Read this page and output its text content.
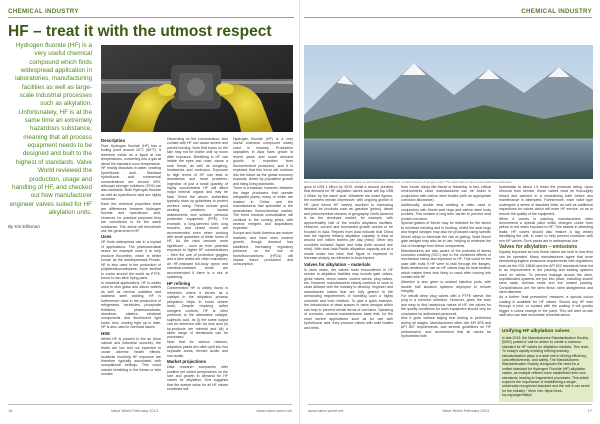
CHEMICAL INDUSTRY
HF – treat it with the utmost respect
Hydrogen fluoride (HF) is a very useful chemical compound which finds widespread application in laboratories, manufacturing facilities as well as large-scale industrial processes such as alkylation. Unfortunately, HF is at the same time an extremely hazardous substance, meaning that all process equipment needs to be designed and built to the highest of standards. Valve World reviewed the production, usage and handling of HF, and checked out how manufacturer engineer valves suited for HF alkylation units.
By Kiri Ellisman
Description

Pure Hydrogen fluoride (HF) has a boiling point around 20°C (68°F). It therefore exists as a liquid at low temperatures, converting into a gas at about the standard room temperature. HF readily dissolves in water, creating hydrofluoric acid. Standard hydrofluoric acid commercial concentrations are around 49%, although stronger solutions (70%) are also available. Both Hydrogen fluoride as well as hydrofluoric acid are highly corrosive.

Each the chemical properties there are differences between hydrogen fluoride and hydrofluoric acid. However, for practical purposes they are considered to be the same substance. This article will henceforth use the general term HF.

Uses

HF finds widespread use in a myriad of applications. The pharmaceutical sector for example uses it to help produce fluoxetine, which is better known as the antidepressant Prozac. HF is also used in the production of polytetrafluoroethylene, more familiar to cooks around the world as PTFE, found in non-stick frying pans.

In industrial applications, HF is widely used to etch glass and silicon wafers as well as remove oxidation and stainless steel pickling. HF is furthermore used in the production of refrigerants, herbicides, phosphate fertilizers, pharmaceuticals, aluminum, plastics, electrical components and fluorescent light bulbs. And, coming right up to date, HF is also used in chemical lasers.

HSE

Whilst HF is present in the air (from natural and industrial sources), the levels are low and not expected to cause adverse health effects. Incidents involving HF exposure are therefore typically associated with occupational settings. This could include breathing in the fumes or skin contact.

Depending on the concentration, skin contact with HF can cause severe and painful burning. Note that burns on the skin may not be visible until up hours after exposure. Breathing in HF can irritate the eyes and nose, cause a sore throat, as well as coughing, headaches and confusion. Exposure to high levels of HF can lead to drowsiness and heart problems. Ingestion of just a small quantity of highly concentrated HF will affect major internal organs and may be fatal. Given the above, authorities typically draw up guidelines to protect workers using. These include good working practices, hazard assessments and suitable personal protective equipment (PPE). For example, a long-sleeved shirt, long trousers, and closed shoes are recommended even when working with small quantities of dilute forms of HF. As the risks become more significant – such as from potential exposure to higher HF concentrations – then the use of protective goggles and a face shield are often mandatory. An HF-resistant full-body apron and chemical-resistant boots are recommended if there is a risk of splashing.

HF refining

Concentrated HF is widely found in refineries, where it serves as a catalyst in the alkylation process (alkylation helps to boost octane level). Despite requiring rather stringent controls, HF is often preferred to the alternative catalyst, sulphuric acid, as (i) the same output can be achieved with far less acid (ii) by-products are minimal and (iii) a wider range of feedstocks can be processed.

Note that for various reasons, alkylation plants are often split into two separate areas, termed acidic and non-acidic.

Market projections

Data research companies offer positive yet varied perspectives on the size and growth in demand for HF valves for alkylation. One suggests that the market value for all HF valves combined will

Hydrogen fluoride (HF) is a very useful chemical compound widely used in industry. Production capacities in Asia have grown in recent years and some demand growth is expected from fluorochemical producers, and it is expected that this trend will continue into the future as the global economy expands, driven by population growth and rising living standards.

There is a balance, however, between the large producers that operate integrated plants, many of which are located in China, and the manufacturers that specialise in the downstream fluorochemical market. The trend towards consolidation will continue in the coming years, with several mergers and acquisitions expected.

Europe and North America are mature markets, and have seen modest growth, though demand has stabilised. Increasing regulatory pressure on the use of hydrofluorocarbons (HFCs) will impact future production and consumption.

16	Valve World February 2013	www.valve-world.net
CHEMICAL INDUSTRY
Did you know: the refineries are estimated to emit between 1 million to 2 million tonnes of all gas used. This table falls to the ground within one kilometre.

grow to US$ 4 billion by 2019, whilst a second predicts that demand for HF alkylation valves alone will top US$ 3 billion by the same year. Whatever the exact figures, the numbers remain impressive, with ongoing growth in HF (and hence HF valves) ascribed to increasing demand for products such as gasoline (petrol), diesel and petrochemical streams of geography. North America is far the dominant market, for example, with approximately half of the world's alkylation facilities. However, current and forecasted growth seems to be focused in Asia. Reports from Asia indicate that China had the highest refinery alkylation capacity in Asia at around one million barrels per day (mbd). Other key countries included Japan and India (both around one mbd). With total Asia-Pacific alkylation capacity put at a shade under two mbd, that figure is expected to increase sharply as refineries in Asia expand.

Valves for alkylation – materials

In facts make, the valves most encountered in HF service in alkylation facilities may include gate valves, globe valves, check valves, control valves, plug valves, etc. However, manufacturers clearly continue to work in close alliance with the industry to develop, engineer and manufacture valves that are fully geared to the demanding requirements of handling such a highly corrosive and toxic medium. To give a quick example, the introduction of dead spaces in valve designs which can help to prevent certain forms of corrosion. Speaking of corrosion, several manufacturers state that, for the most severe applications such as for use with hydrofluoric acid, they produce valves with solid bodies and trims.

from 'exotic' alloys like Monel or Hastelloy. In fact, critical environments valve manufacturers can be found in conjunction with carbon steel bodies (with an appropriate corrosion allowance).

Additionally, double seal welding is often used in conjunction with Monel seal rings and carbon steel body pockets. This creates a long term barrier to prevent seat pocket corrosion.

Special grades of Monel may be selected for the stems to minimize bending and in binding, whilst the seat rings and forged wedges may also be produced using specific Monel alloys to eliminate the risk of galling. Solid Monel gate wedges may also be in use, helping to minimize the risk of breakage from these components.

Manufacturers are also aware of the potential of stress corrosion cracking (SCC) due to the combined effects of mechanical stress and exposure to HF. This could be the case with bolts if HF were to leak through the flanges. Bolts destined for use on HF valves may be heat treated, which makes them less likely to crack after coming into contact with HF.

Attention is also given to sealant injection ports, with double ball isolation systems deployed to ensure integrity.

For retrofit deep plug valves with a PTFE sleeve, the plug is a common selection. However, given the toxic and easy to find hazardous nature of HF, the valves for the quality conditions for such equipment should only be conducted by authorised personnel.

And it goes without saying that testing is performed during all stages. Manufacturers often cite API 6FA and API 607 requirements, and several guidelines on HF performance, and recommend that all valves be hydrotested with

hydrostatic to about 1.5 times the pressure rating. Upon removal from service, these valves must be thoroughly rinsed and washed in a neutralising bath before any maintenance is attempted. Furthermore, each valve type undergoes a series of standard tests, as well as additional inspections for valves which will enter HF service, so as to ensure the quality of the equipment.

When it comes to painting, manufacturers often recommend a special paint which changes colour from yellow to red when exposed to HF. This assists in detecting leaks. HF valves should also feature a tag clearly identifying the unit, in order to help prevent confusion with non HF valves. Such paints are in widespread use.

Valves for alkylation – emissions

Equally important as how those valves are built is how they can be operated. Many manufacturers agree that more demanding fugitive emissions requirements with regulations such as the ISO 15848 and the API 622 standards have led to an improvement in the packing and sealing systems used on valves. To prevent leakage across the stem, sophisticated systems are put into place, including double stem seals, bellows seals and live loaded packing. Considerations are the stem finish, stem straightness and stem diameter.

As a further 'leak prevention' measure, a special colour coating is available for HF valves. Should any HF leak through a joint, or contact with the coating it will quickly trigger a colour change in the paint. This will alert on-site staff who can take immediate remedial action.

Unifying HF alkylation valves

In late 2013, the Manufacturers Standardization Society (MSS) posted a 'call for action' to create a common standard for HF valves for alkylation markets. This read: "In today's rapidly evolving refining industry, standardization plays a crucial role in driving efficiency, cost-effectiveness, and safety. The Manufacturers Standardization Society recognizes the need for a unified standard for Hydrogen Fluoride (HF) alkylation valves, as multiple refiners have established their own standards, leading to fragmented processes. This article explores the importance of establishing a single, universally recognized standard and the role it can serve for the industry." More info: https://mss-hq.org/page/hfalkyl

www.valve-world.net	Valve World February 2013	17
